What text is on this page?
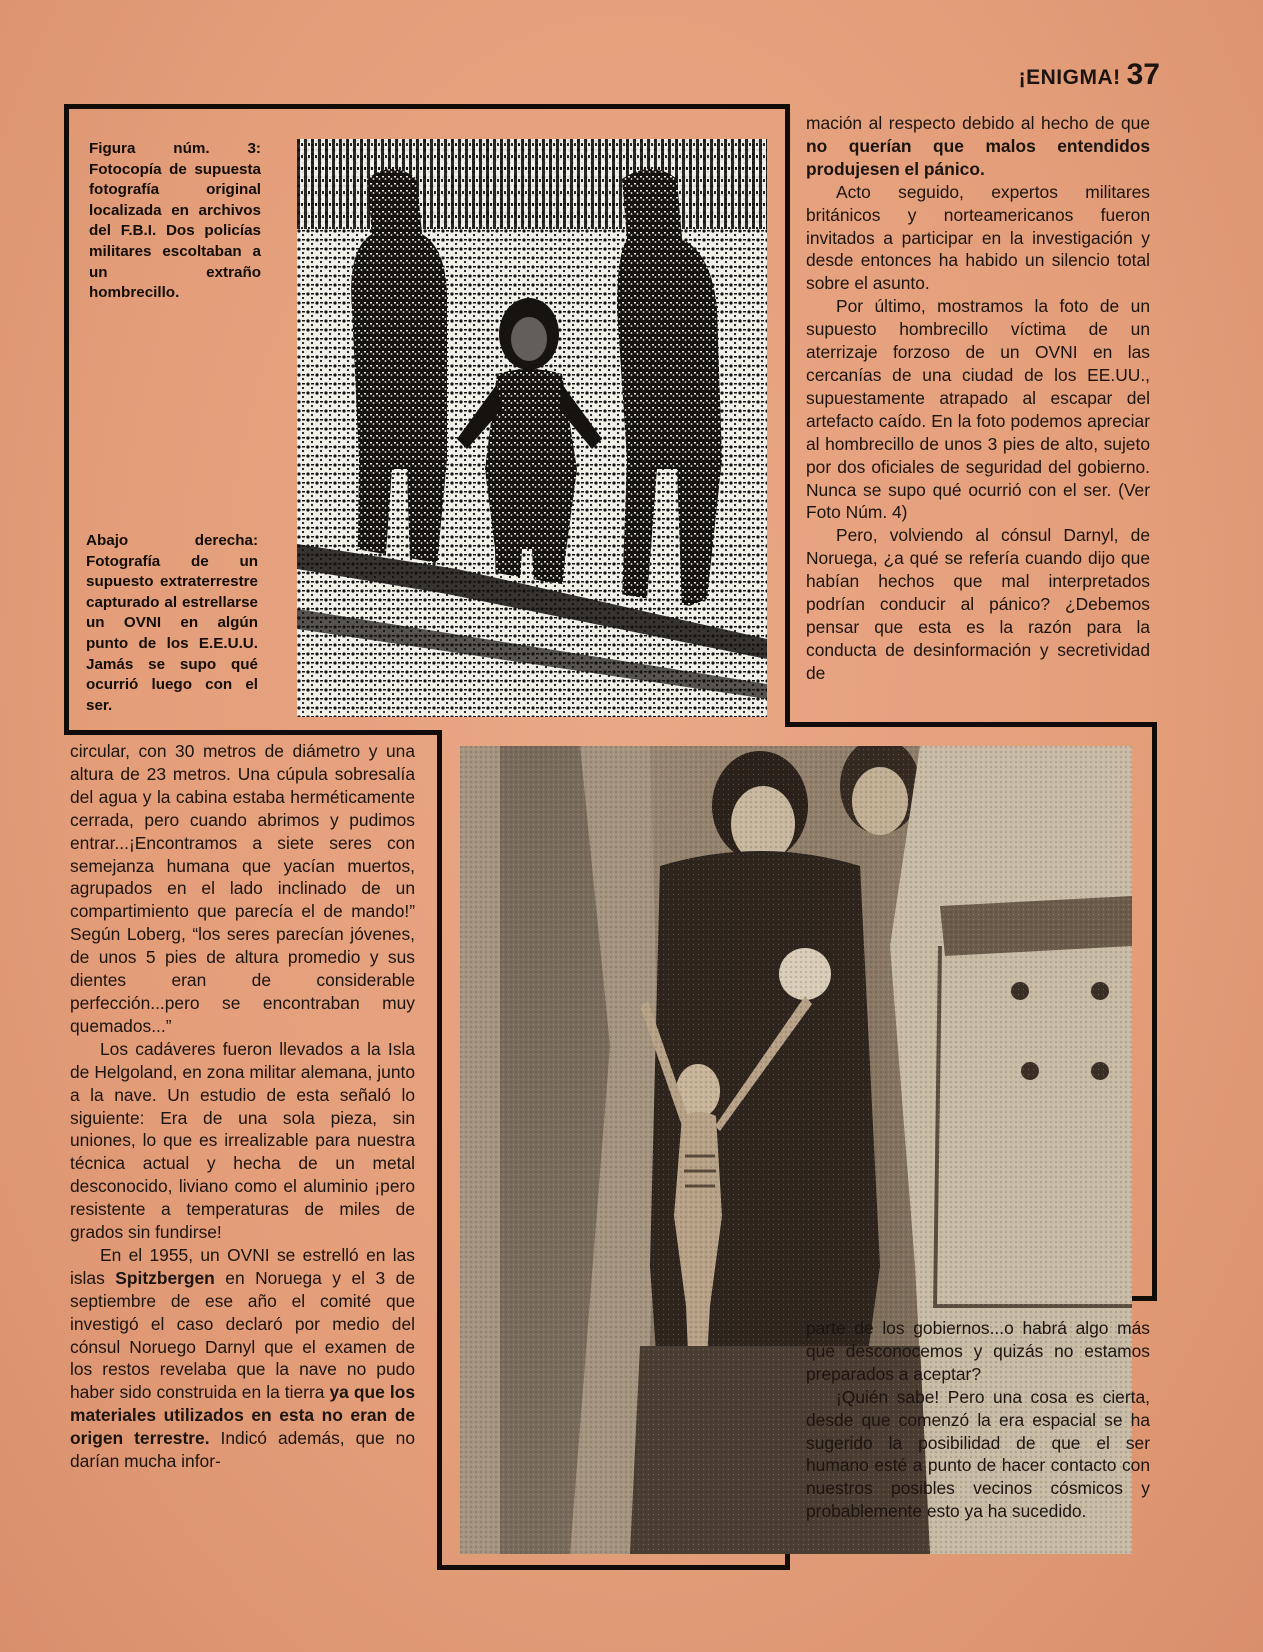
¡ENIGMA! 37
Figura núm. 3: Fotocopía de supuesta fotografía original localizada en archivos del F.B.I. Dos policías militares escoltaban a un extraño hombrecillo.
Abajo derecha: Fotografía de un supuesto extraterrestre capturado al estrellarse un OVNI en algún punto de los E.E.U.U. Jamás se supo qué ocurrió luego con el ser.

mación al respecto debido al hecho de que no querían que malos entendidos produjesen el pánico.

Acto seguido, expertos militares británicos y norteamericanos fueron invitados a participar en la investigación y desde entonces ha habido un silencio total sobre el asunto.

Por último, mostramos la foto de un supuesto hombrecillo víctima de un aterrizaje forzoso de un OVNI en las cercanías de una ciudad de los EE.UU., supuestamente atrapado al escapar del artefacto caído. En la foto podemos apreciar al hombrecillo de unos 3 pies de alto, sujeto por dos oficiales de seguridad del gobierno. Nunca se supo qué ocurrió con el ser. (Ver Foto Núm. 4)

Pero, volviendo al cónsul Darnyl, de Noruega, ¿a qué se refería cuando dijo que habían hechos que mal interpretados podrían conducir al pánico? ¿Debemos pensar que esta es la razón para la conducta de desinformación y secretividad de

circular, con 30 metros de diámetro y una altura de 23 metros. Una cúpula sobresalía del agua y la cabina estaba herméticamente cerrada, pero cuando abrimos y pudimos entrar...¡Encontramos a siete seres con semejanza humana que yacían muertos, agrupados en el lado inclinado de un compartimiento que parecía el de mando!” Según Loberg, “los seres parecían jóvenes, de unos 5 pies de altura promedio y sus dientes eran de considerable perfección...pero se encontraban muy quemados...”

Los cadáveres fueron llevados a la Isla de Helgoland, en zona militar alemana, junto a la nave. Un estudio de esta señaló lo siguiente: Era de una sola pieza, sin uniones, lo que es irrealizable para nuestra técnica actual y hecha de un metal desconocido, liviano como el aluminio ¡pero resistente a temperaturas de miles de grados sin fundirse!

En el 1955, un OVNI se estrelló en las islas Spitzbergen en Noruega y el 3 de septiembre de ese año el comité que investigó el caso declaró por medio del cónsul Noruego Darnyl que el examen de los restos revelaba que la nave no pudo haber sido construida en la tierra ya que los materiales utilizados en esta no eran de origen terrestre. Indicó además, que no darían mucha infor-

parte de los gobiernos...o habrá algo más que desconocemos y quizás no estamos preparados a aceptar?

¡Quién sabe! Pero una cosa es cierta, desde que comenzó la era espacial se ha sugerido la posibilidad de que el ser humano esté a punto de hacer contacto con nuestros posibles vecinos cósmicos y probablemente esto ya ha sucedido.
